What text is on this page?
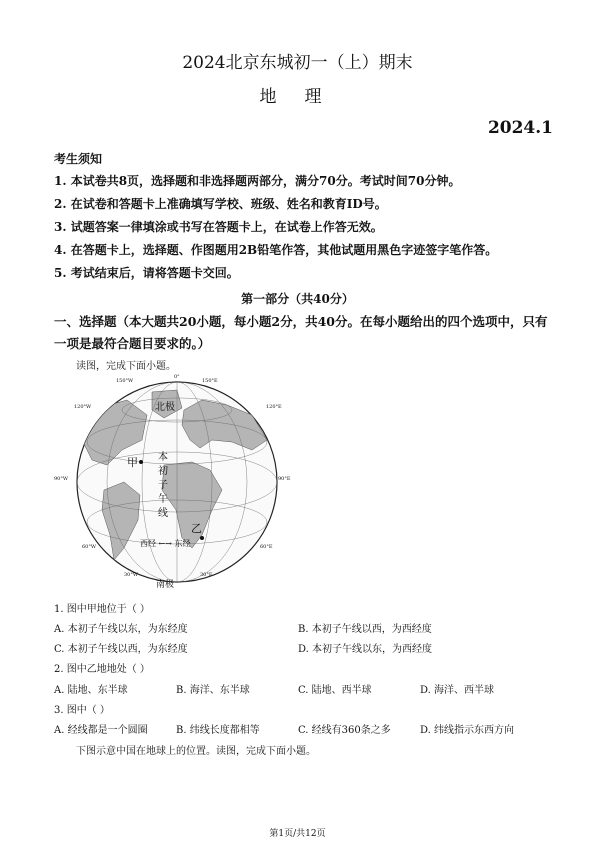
2024北京东城初一（上）期末
地理
2024.1
考生须知
1. 本试卷共8页，选择题和非选择题两部分，满分70分。考试时间70分钟。
2. 在试卷和答题卡上准确填写学校、班级、姓名和教育ID号。
3. 试题答案一律填涂或书写在答题卡上，在试卷上作答无效。
4. 在答题卡上，选择题、作图题用2B铅笔作答，其他试题用黑色字迹签字笔作答。
5. 考试结束后，请将答题卡交回。
第一部分（共40分）
一、选择题（本大题共20小题，每小题2分，共40分。在每小题给出的四个选项中，只有
一项是最符合题目要求的。）
读图，完成下面小题。
北极
南极
甲
乙
本
初
子
午
线
西经 ←→ 东经
150°W	150°E
120°W	120°E
90°W	90°E
60°W	60°E
30°W	30°E
0°
1. 图中甲地位于（ ）
A. 本初子午线以东，为东经度	B. 本初子午线以西，为西经度
C. 本初子午线以西，为东经度	D. 本初子午线以东，为西经度
2. 图中乙地地处（ ）
A. 陆地、东半球	B. 海洋、东半球	C. 陆地、西半球	D. 海洋、西半球
3. 图中（ ）
A. 经线都是一个圆圈	B. 纬线长度都相等	C. 经线有360条之多	D. 纬线指示东西方向
下图示意中国在地球上的位置。读图，完成下面小题。
第1页/共12页
